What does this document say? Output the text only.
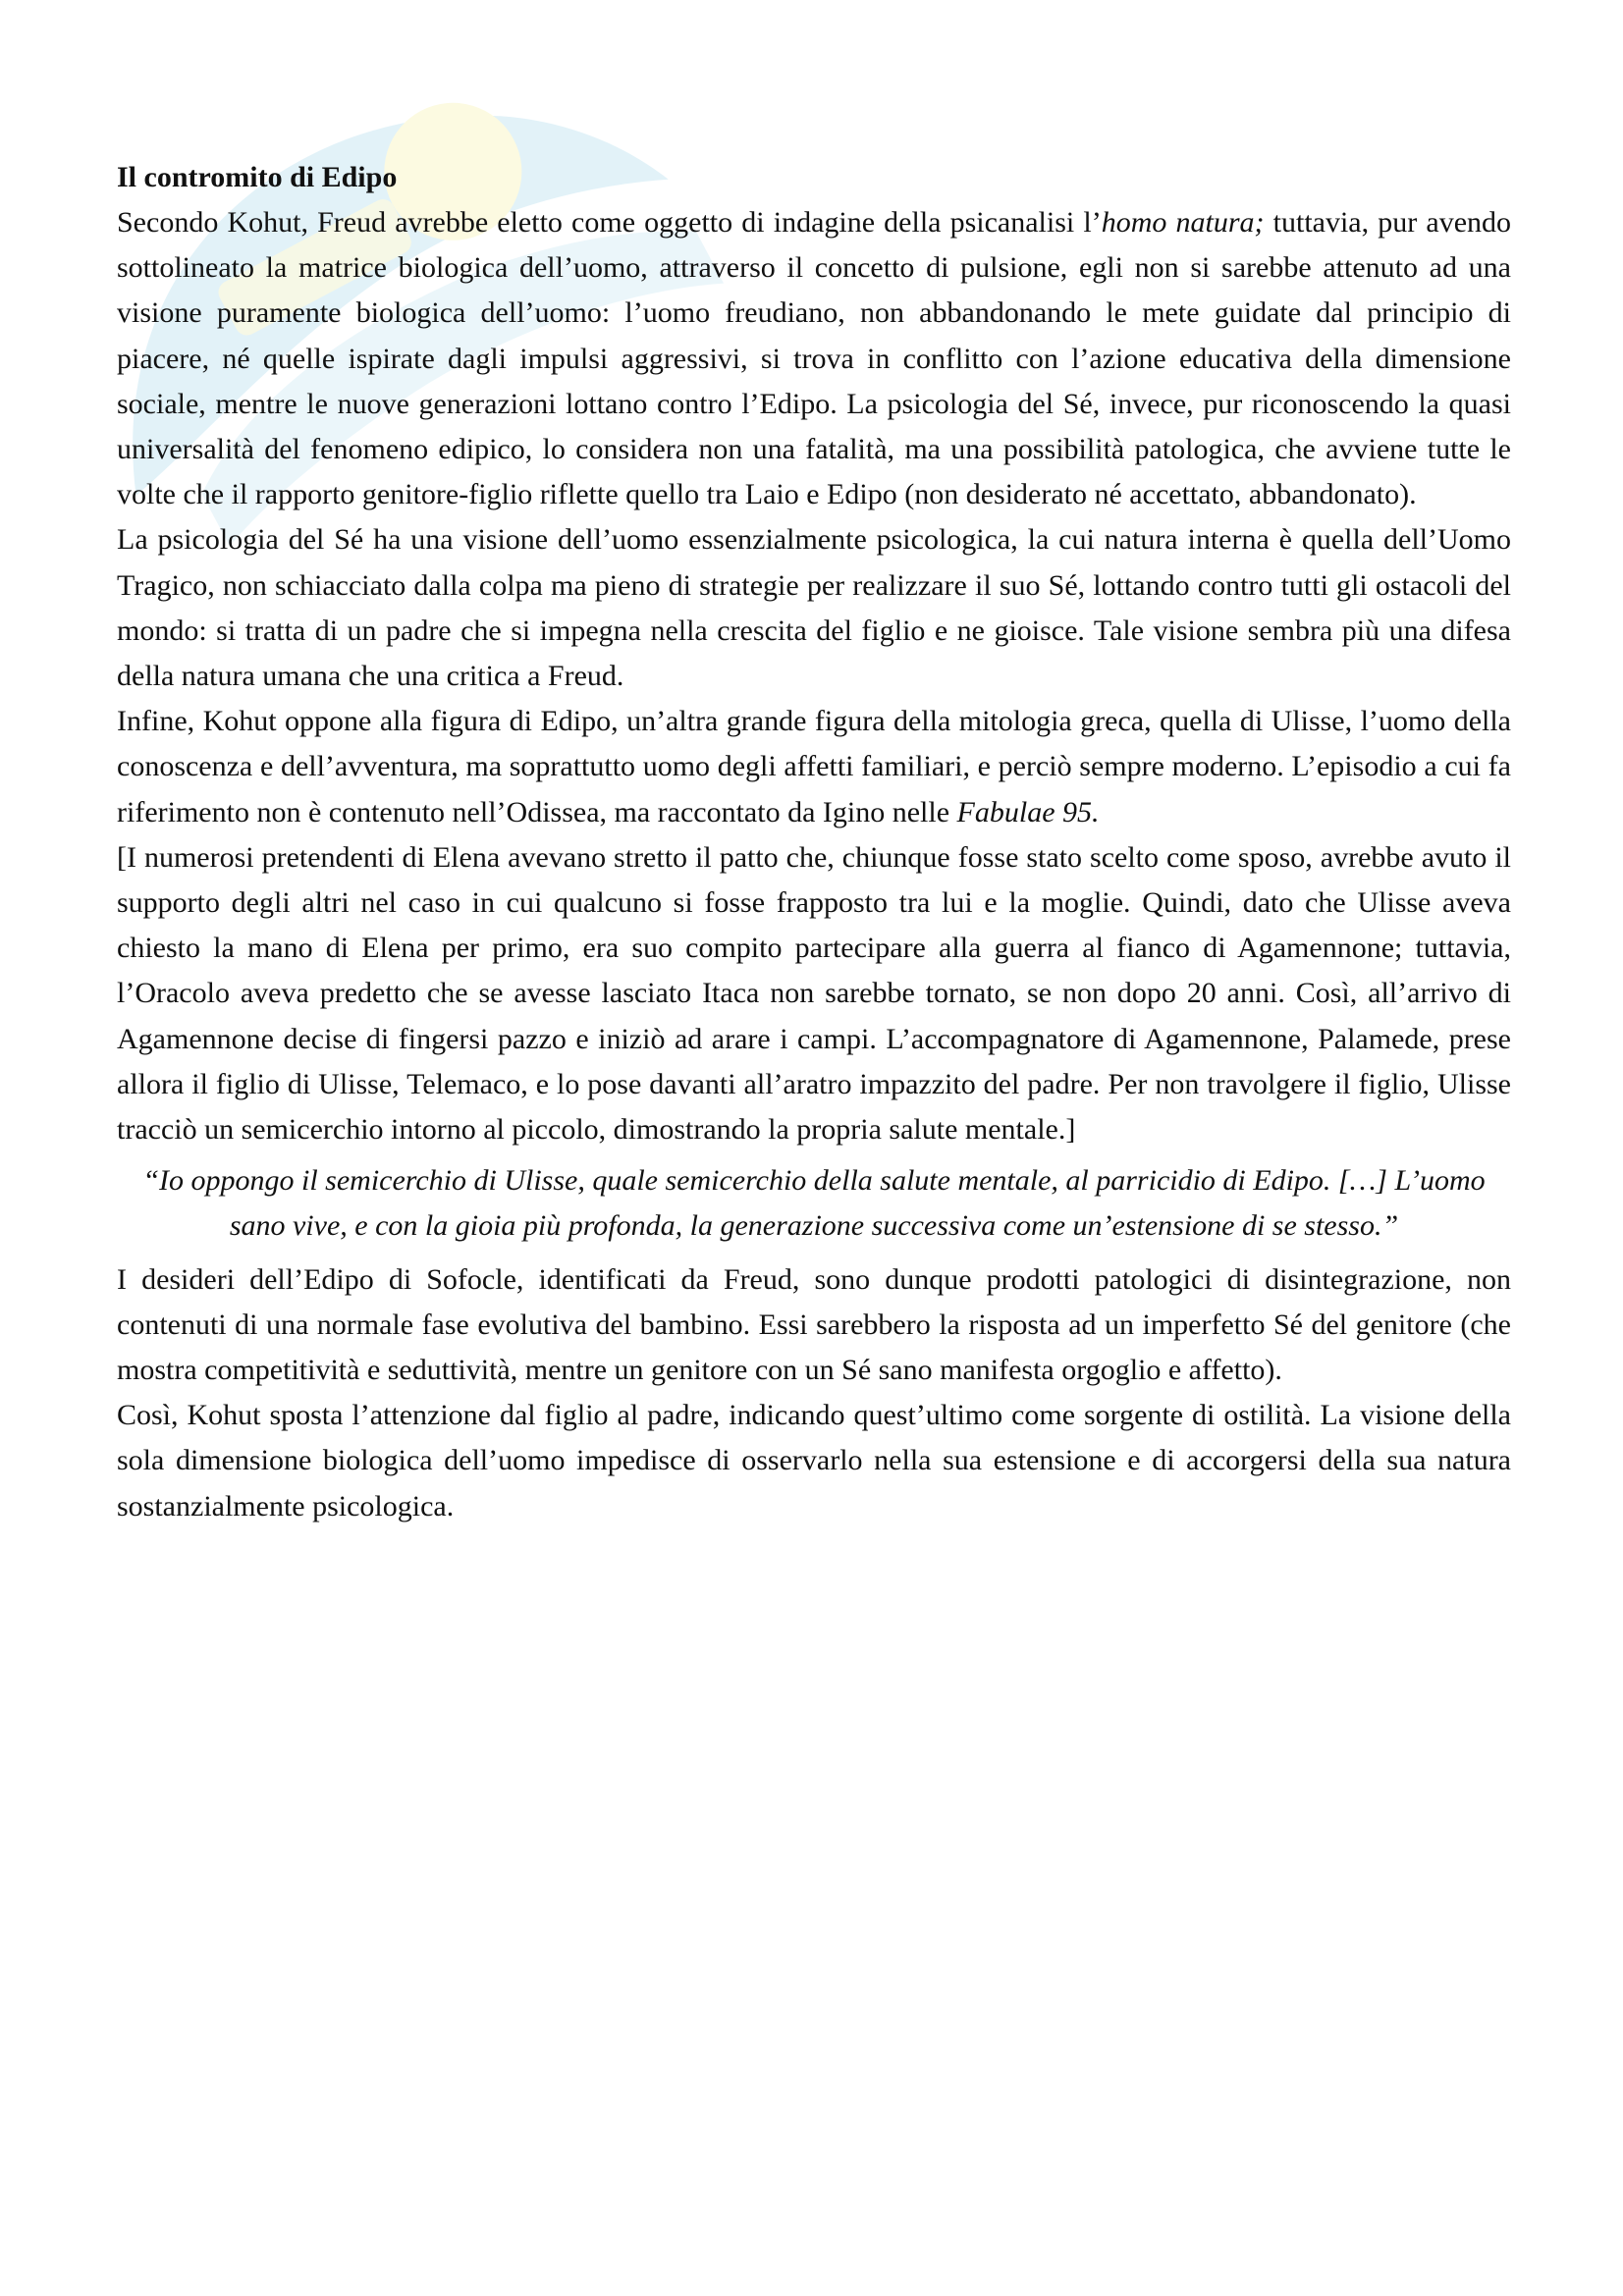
Il contromito di Edipo

Secondo Kohut, Freud avrebbe eletto come oggetto di indagine della psicanalisi l’homo natura; tuttavia, pur avendo sottolineato la matrice biologica dell’uomo, attraverso il concetto di pulsione, egli non si sarebbe attenuto ad una visione puramente biologica dell’uomo: l’uomo freudiano, non abbandonando le mete guidate dal principio di piacere, né quelle ispirate dagli impulsi aggressivi, si trova in conflitto con l’azione educativa della dimensione sociale, mentre le nuove generazioni lottano contro l’Edipo. La psicologia del Sé, invece, pur riconoscendo la quasi universalità del fenomeno edipico, lo considera non una fatalità, ma una possibilità patologica, che avviene tutte le volte che il rapporto genitore-figlio riflette quello tra Laio e Edipo (non desiderato né accettato, abbandonato).

La psicologia del Sé ha una visione dell’uomo essenzialmente psicologica, la cui natura interna è quella dell’Uomo Tragico, non schiacciato dalla colpa ma pieno di strategie per realizzare il suo Sé, lottando contro tutti gli ostacoli del mondo: si tratta di un padre che si impegna nella crescita del figlio e ne gioisce. Tale visione sembra più una difesa della natura umana che una critica a Freud.

Infine, Kohut oppone alla figura di Edipo, un’altra grande figura della mitologia greca, quella di Ulisse, l’uomo della conoscenza e dell’avventura, ma soprattutto uomo degli affetti familiari, e perciò sempre moderno. L’episodio a cui fa riferimento non è contenuto nell’Odissea, ma raccontato da Igino nelle Fabulae 95.

[I numerosi pretendenti di Elena avevano stretto il patto che, chiunque fosse stato scelto come sposo, avrebbe avuto il supporto degli altri nel caso in cui qualcuno si fosse frapposto tra lui e la moglie. Quindi, dato che Ulisse aveva chiesto la mano di Elena per primo, era suo compito partecipare alla guerra al fianco di Agamennone; tuttavia, l’Oracolo aveva predetto che se avesse lasciato Itaca non sarebbe tornato, se non dopo 20 anni. Così, all’arrivo di Agamennone decise di fingersi pazzo e iniziò ad arare i campi. L’accompagnatore di Agamennone, Palamede, prese allora il figlio di Ulisse, Telemaco, e lo pose davanti all’aratro impazzito del padre. Per non travolgere il figlio, Ulisse tracciò un semicerchio intorno al piccolo, dimostrando la propria salute mentale.]

“Io oppongo il semicerchio di Ulisse, quale semicerchio della salute mentale, al parricidio di Edipo. […] L’uomo sano vive, e con la gioia più profonda, la generazione successiva come un’estensione di se stesso.”

I desideri dell’Edipo di Sofocle, identificati da Freud, sono dunque prodotti patologici di disintegrazione, non contenuti di una normale fase evolutiva del bambino. Essi sarebbero la risposta ad un imperfetto Sé del genitore (che mostra competitività e seduttività, mentre un genitore con un Sé sano manifesta orgoglio e affetto).

Così, Kohut sposta l’attenzione dal figlio al padre, indicando quest’ultimo come sorgente di ostilità. La visione della sola dimensione biologica dell’uomo impedisce di osservarlo nella sua estensione e di accorgersi della sua natura sostanzialmente psicologica.
